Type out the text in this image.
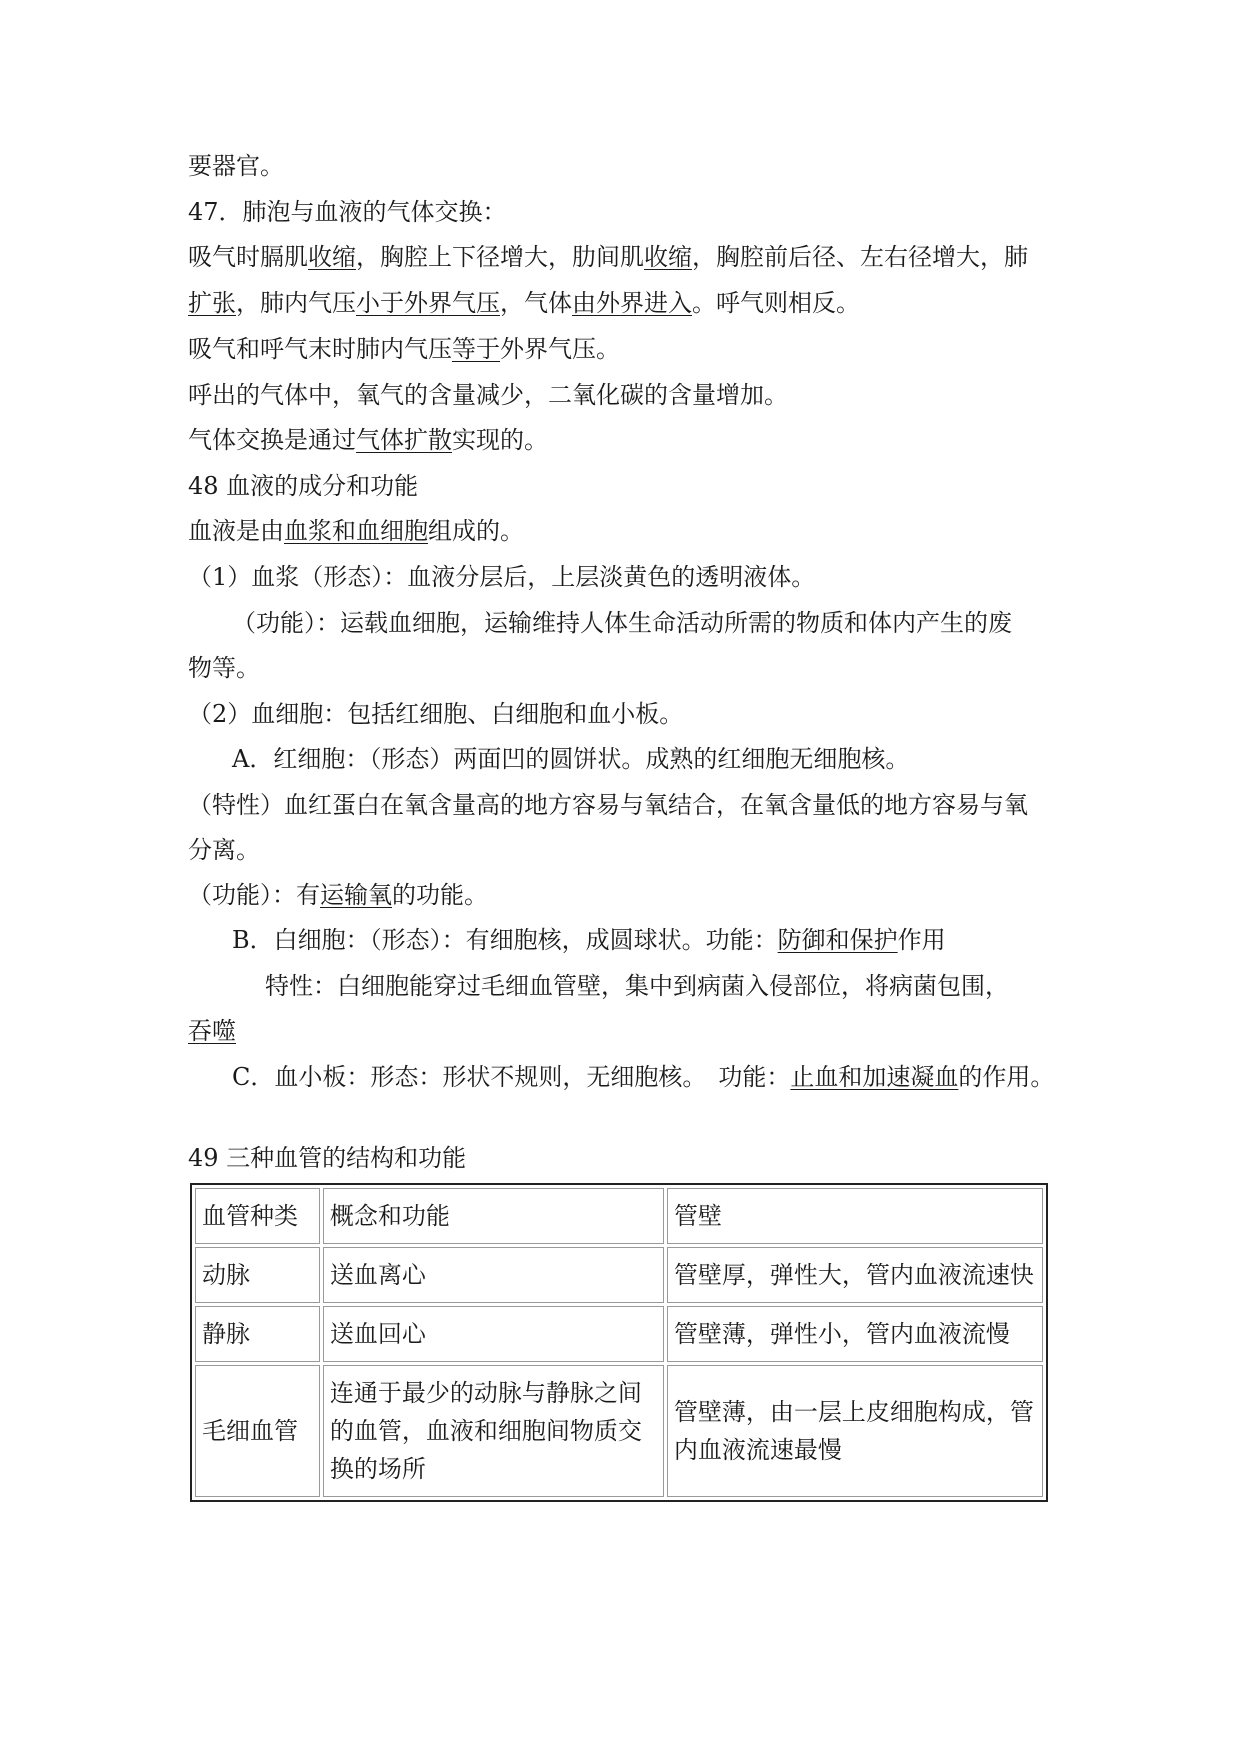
要器官。
47．肺泡与血液的气体交换：
吸气时膈肌收缩，胸腔上下径增大，肋间肌收缩，胸腔前后径、左右径增大，肺
扩张，肺内气压小于外界气压，气体由外界进入。呼气则相反。
吸气和呼气末时肺内气压等于外界气压。
呼出的气体中，氧气的含量减少，二氧化碳的含量增加。
气体交换是通过气体扩散实现的。
48 血液的成分和功能
血液是由血浆和血细胞组成的。
（1）血浆（形态）：血液分层后，上层淡黄色的透明液体。
（功能）：运载血细胞，运输维持人体生命活动所需的物质和体内产生的废
物等。
（2）血细胞：包括红细胞、白细胞和血小板。
A．红细胞：（形态）两面凹的圆饼状。成熟的红细胞无细胞核。
（特性）血红蛋白在氧含量高的地方容易与氧结合，在氧含量低的地方容易与氧
分离。
（功能）：有运输氧的功能。
B．白细胞：（形态）：有细胞核，成圆球状。功能：防御和保护作用
特性：白细胞能穿过毛细血管壁，集中到病菌入侵部位，将病菌包围，
吞噬
C．血小板：形态：形状不规则，无细胞核。　功能：止血和加速凝血的作用。
49 三种血管的结构和功能
血管种类	概念和功能	管壁
动脉	送血离心	管壁厚，弹性大，管内血液流速快
静脉	送血回心	管壁薄，弹性小，管内血液流慢
毛细血管	连通于最少的动脉与静脉之间的血管，血液和细胞间物质交换的场所	管壁薄，由一层上皮细胞构成，管内血液流速最慢
